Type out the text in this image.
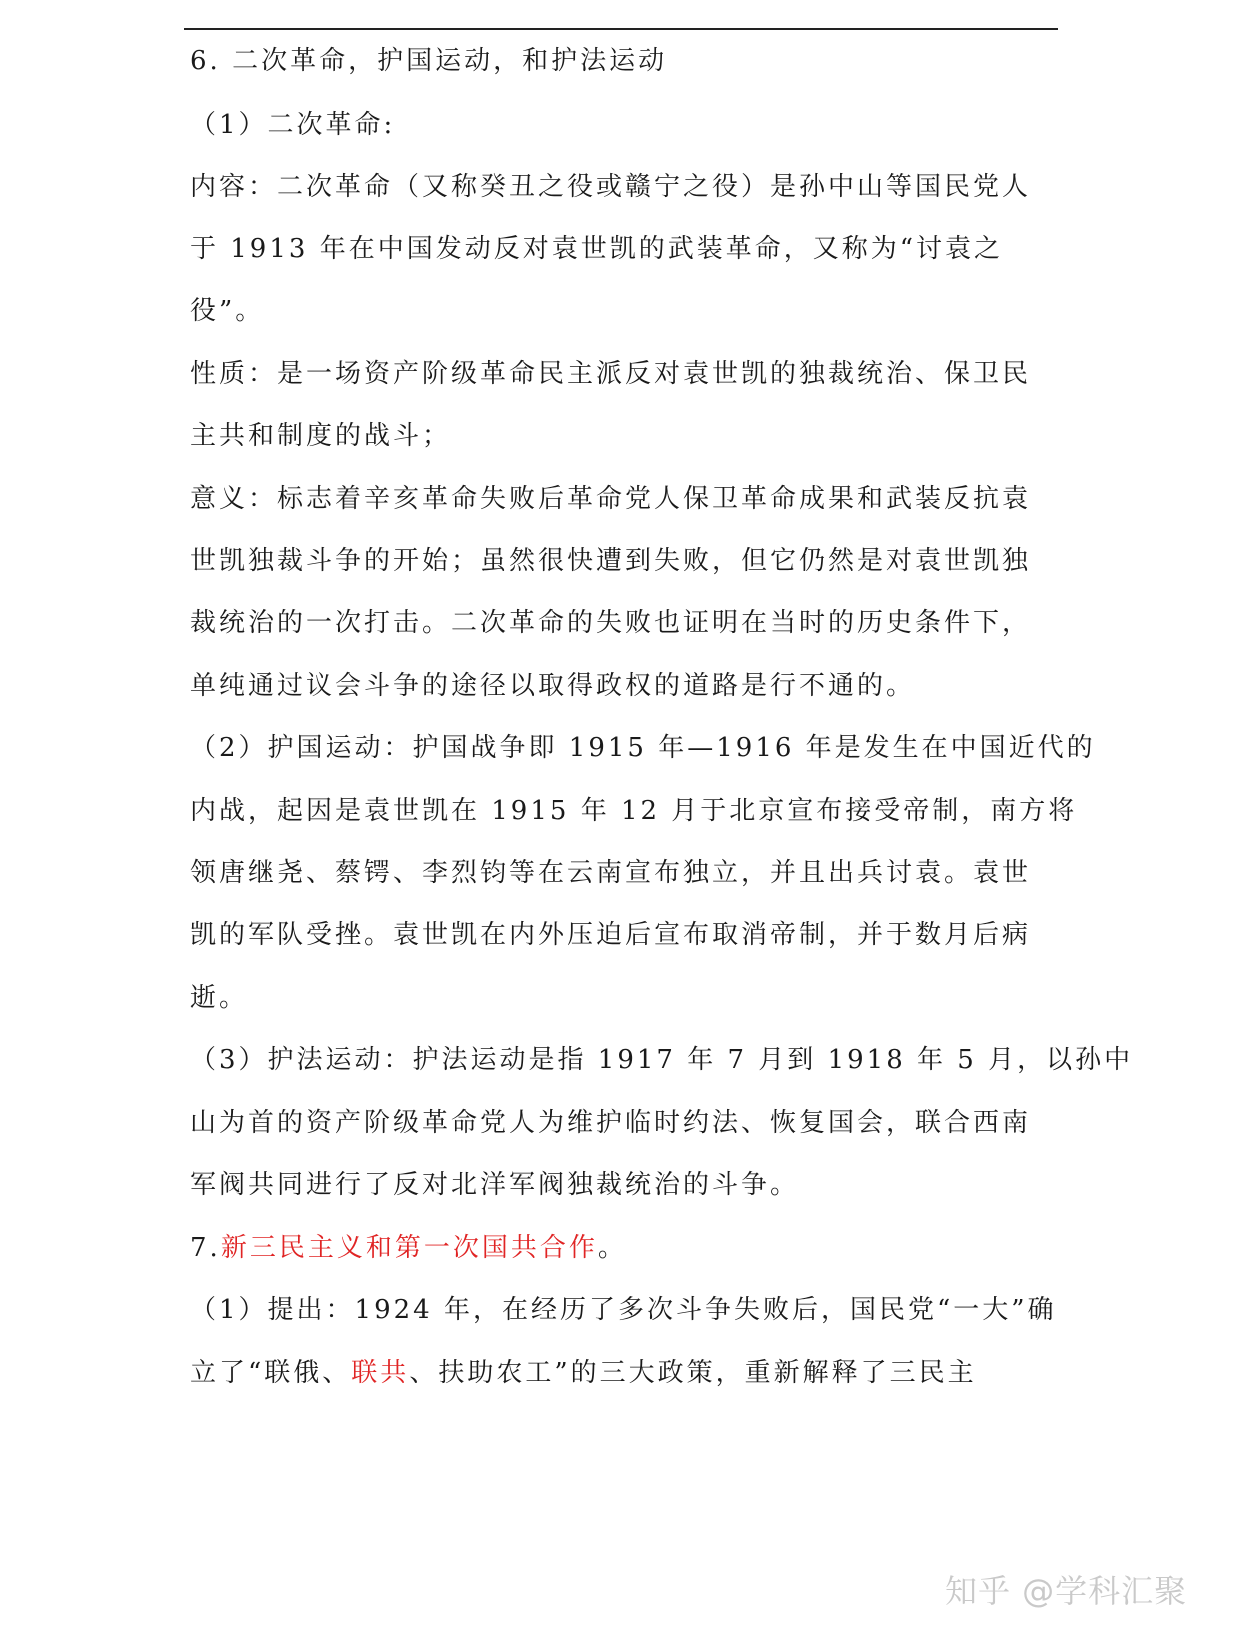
6. 二次革命，护国运动，和护法运动
（1）二次革命:
内容：二次革命（又称癸丑之役或赣宁之役）是孙中山等国民党人
于 1913 年在中国发动反对袁世凯的武装革命，又称为“讨袁之
役”。
性质：是一场资产阶级革命民主派反对袁世凯的独裁统治、保卫民
主共和制度的战斗；
意义：标志着辛亥革命失败后革命党人保卫革命成果和武装反抗袁
世凯独裁斗争的开始；虽然很快遭到失败，但它仍然是对袁世凯独
裁统治的一次打击。二次革命的失败也证明在当时的历史条件下，
单纯通过议会斗争的途径以取得政权的道路是行不通的。
（2）护国运动：护国战争即 1915 年—1916 年是发生在中国近代的
内战，起因是袁世凯在 1915 年 12 月于北京宣布接受帝制，南方将
领唐继尧、蔡锷、李烈钧等在云南宣布独立，并且出兵讨袁。袁世
凯的军队受挫。袁世凯在内外压迫后宣布取消帝制，并于数月后病
逝。
（3）护法运动：护法运动是指 1917 年 7 月到 1918 年 5 月，以孙中
山为首的资产阶级革命党人为维护临时约法、恢复国会，联合西南
军阀共同进行了反对北洋军阀独裁统治的斗争。
7.新三民主义和第一次国共合作。
（1）提出：1924 年，在经历了多次斗争失败后，国民党“一大”确
立了“联俄、联共、扶助农工”的三大政策，重新解释了三民主
知乎 @学科汇聚
